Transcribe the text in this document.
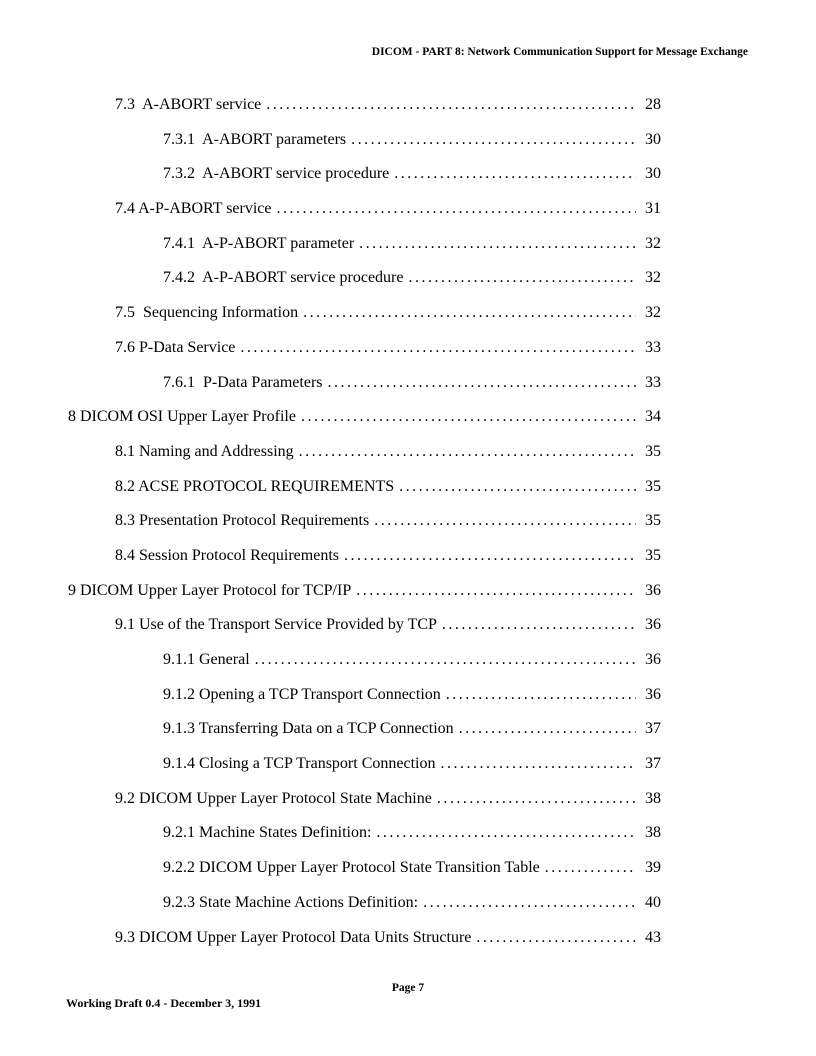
DICOM - PART 8: Network Communication Support for Message Exchange
7.3  A-ABORT service .....	28
7.3.1  A-ABORT parameters .....	30
7.3.2  A-ABORT service procedure .....	30
7.4 A-P-ABORT service .....	31
7.4.1  A-P-ABORT parameter .....	32
7.4.2  A-P-ABORT service procedure .....	32
7.5  Sequencing Information .....	32
7.6 P-Data Service .....	33
7.6.1  P-Data Parameters .....	33
8 DICOM OSI Upper Layer Profile .....	34
8.1 Naming and Addressing .....	35
8.2 ACSE PROTOCOL REQUIREMENTS .....	35
8.3 Presentation Protocol Requirements .....	35
8.4 Session Protocol Requirements .....	35
9 DICOM Upper Layer Protocol for TCP/IP .....	36
9.1 Use of the Transport Service Provided by TCP .....	36
9.1.1 General .....	36
9.1.2 Opening a TCP Transport Connection .....	36
9.1.3 Transferring Data on a TCP Connection .....	37
9.1.4 Closing a TCP Transport Connection .....	37
9.2 DICOM Upper Layer Protocol State Machine .....	38
9.2.1 Machine States Definition: .....	38
9.2.2 DICOM Upper Layer Protocol State Transition Table .....	39
9.2.3 State Machine Actions Definition: .....	40
9.3 DICOM Upper Layer Protocol Data Units Structure .....	43
Page 7
Working Draft 0.4 - December 3, 1991
